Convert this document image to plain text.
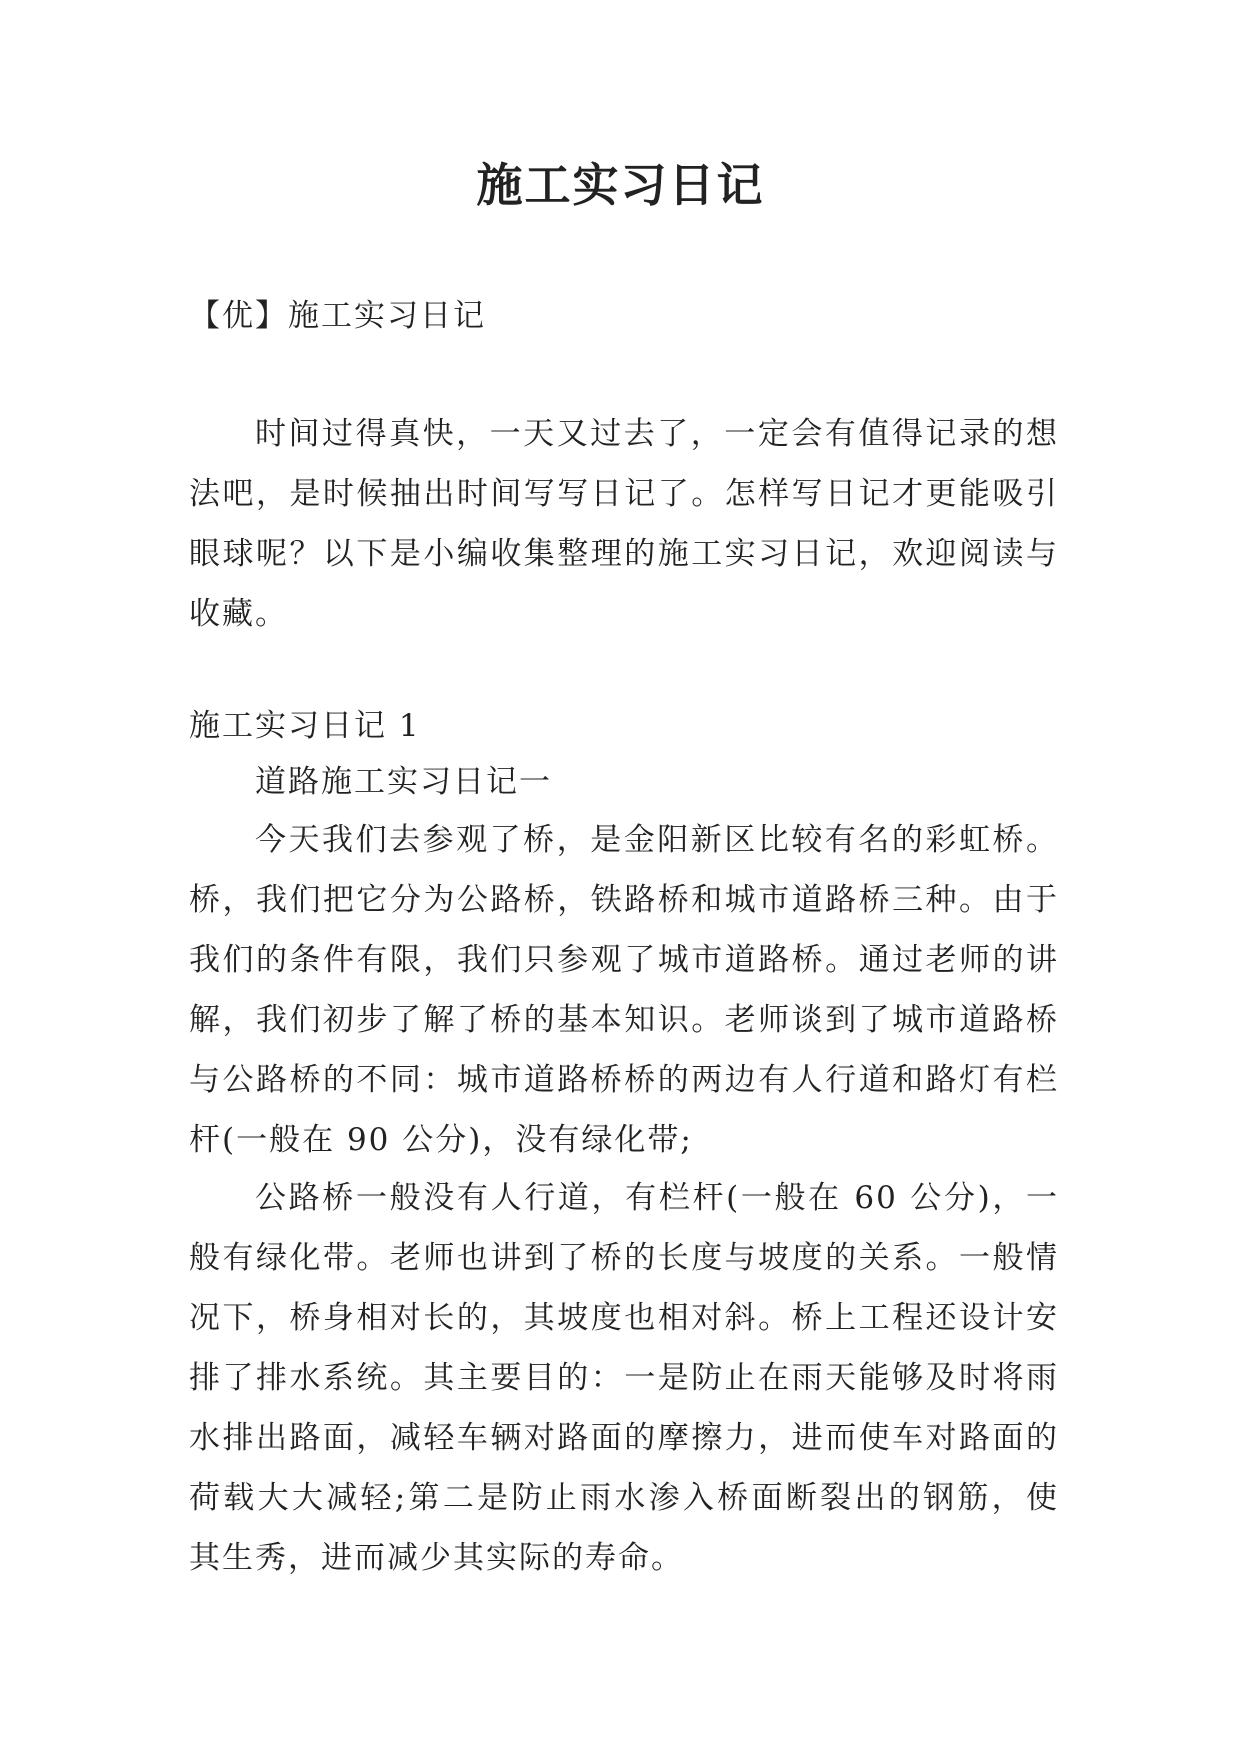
施工实习日记

【优】施工实习日记

时间过得真快，一天又过去了，一定会有值得记录的想法吧，是时候抽出时间写写日记了。怎样写日记才更能吸引眼球呢？以下是小编收集整理的施工实习日记，欢迎阅读与收藏。

施工实习日记 1

道路施工实习日记一

今天我们去参观了桥，是金阳新区比较有名的彩虹桥。桥，我们把它分为公路桥，铁路桥和城市道路桥三种。由于我们的条件有限，我们只参观了城市道路桥。通过老师的讲解，我们初步了解了桥的基本知识。老师谈到了城市道路桥与公路桥的不同：城市道路桥桥的两边有人行道和路灯有栏杆(一般在 90 公分)，没有绿化带;

公路桥一般没有人行道，有栏杆(一般在 60 公分)，一般有绿化带。老师也讲到了桥的长度与坡度的关系。一般情况下，桥身相对长的，其坡度也相对斜。桥上工程还设计安排了排水系统。其主要目的：一是防止在雨天能够及时将雨水排出路面，减轻车辆对路面的摩擦力，进而使车对路面的荷载大大减轻;第二是防止雨水渗入桥面断裂出的钢筋，使其生秀，进而减少其实际的寿命。
